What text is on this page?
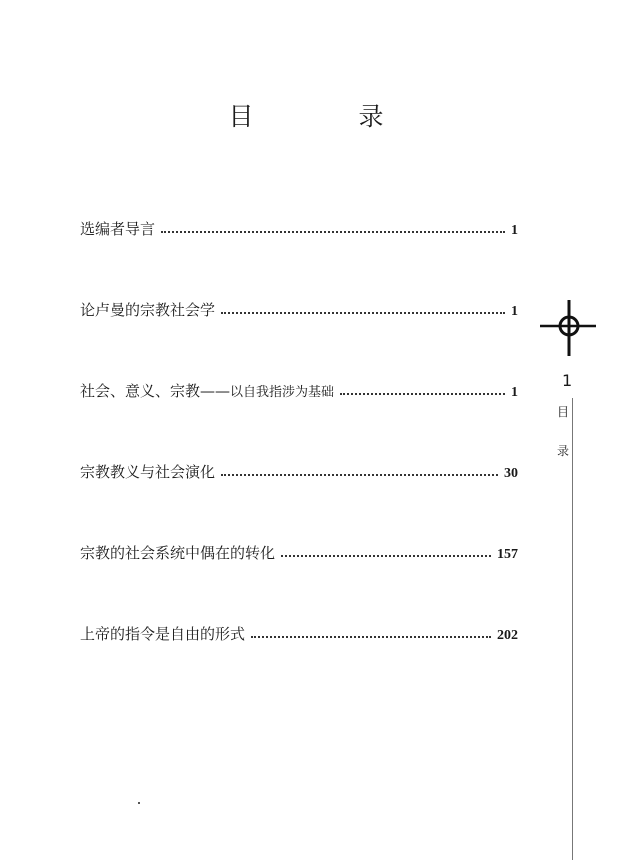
目　录
选编者导言	1
论卢曼的宗教社会学	1
社会、意义、宗教—— 以自我指涉为基础	1
宗教教义与社会演化	30
宗教的社会系统中偶在的转化	157
上帝的指令是自由的形式	202
1
目
录
